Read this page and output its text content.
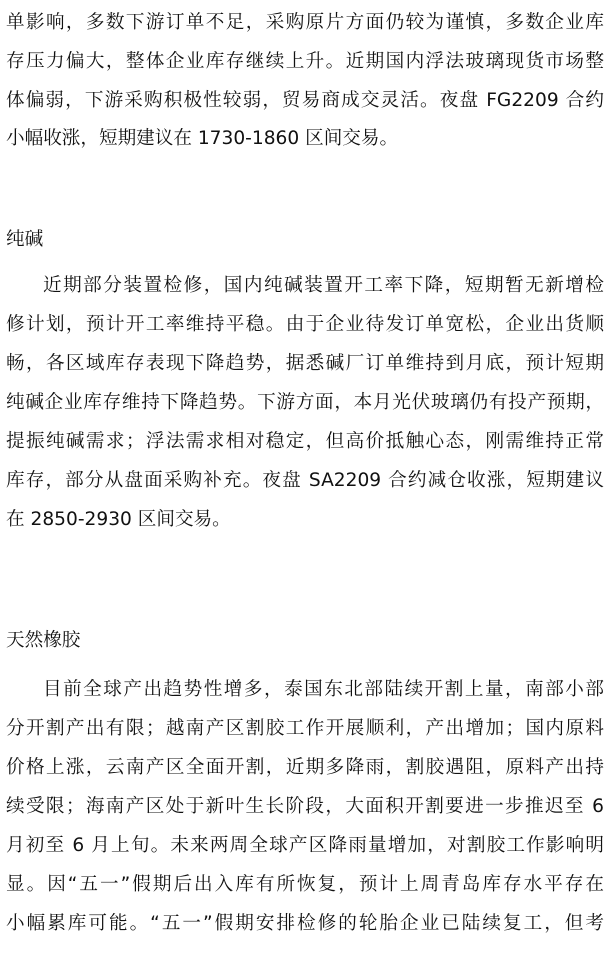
单影响，多数下游订单不足，采购原片方面仍较为谨慎，多数企业库
存压力偏大，整体企业库存继续上升。近期国内浮法玻璃现货市场整
体偏弱，下游采购积极性较弱，贸易商成交灵活。夜盘 FG2209 合约
小幅收涨，短期建议在 1730-1860 区间交易。
纯碱
近期部分装置检修，国内纯碱装置开工率下降，短期暂无新增检
修计划，预计开工率维持平稳。由于企业待发订单宽松，企业出货顺
畅，各区域库存表现下降趋势，据悉碱厂订单维持到月底，预计短期
纯碱企业库存维持下降趋势。下游方面，本月光伏玻璃仍有投产预期，
提振纯碱需求；浮法需求相对稳定，但高价抵触心态，刚需维持正常
库存，部分从盘面采购补充。夜盘 SA2209 合约减仓收涨，短期建议
在 2850-2930 区间交易。
天然橡胶
目前全球产出趋势性增多，泰国东北部陆续开割上量，南部小部
分开割产出有限；越南产区割胶工作开展顺利，产出增加；国内原料
价格上涨，云南产区全面开割，近期多降雨，割胶遇阻，原料产出持
续受限；海南产区处于新叶生长阶段，大面积开割要进一步推迟至 6
月初至 6 月上旬。未来两周全球产区降雨量增加，对割胶工作影响明
显。因“五一”假期后出入库有所恢复，预计上周青岛库存水平存在
小幅累库可能。“五一”假期安排检修的轮胎企业已陆续复工，但考
